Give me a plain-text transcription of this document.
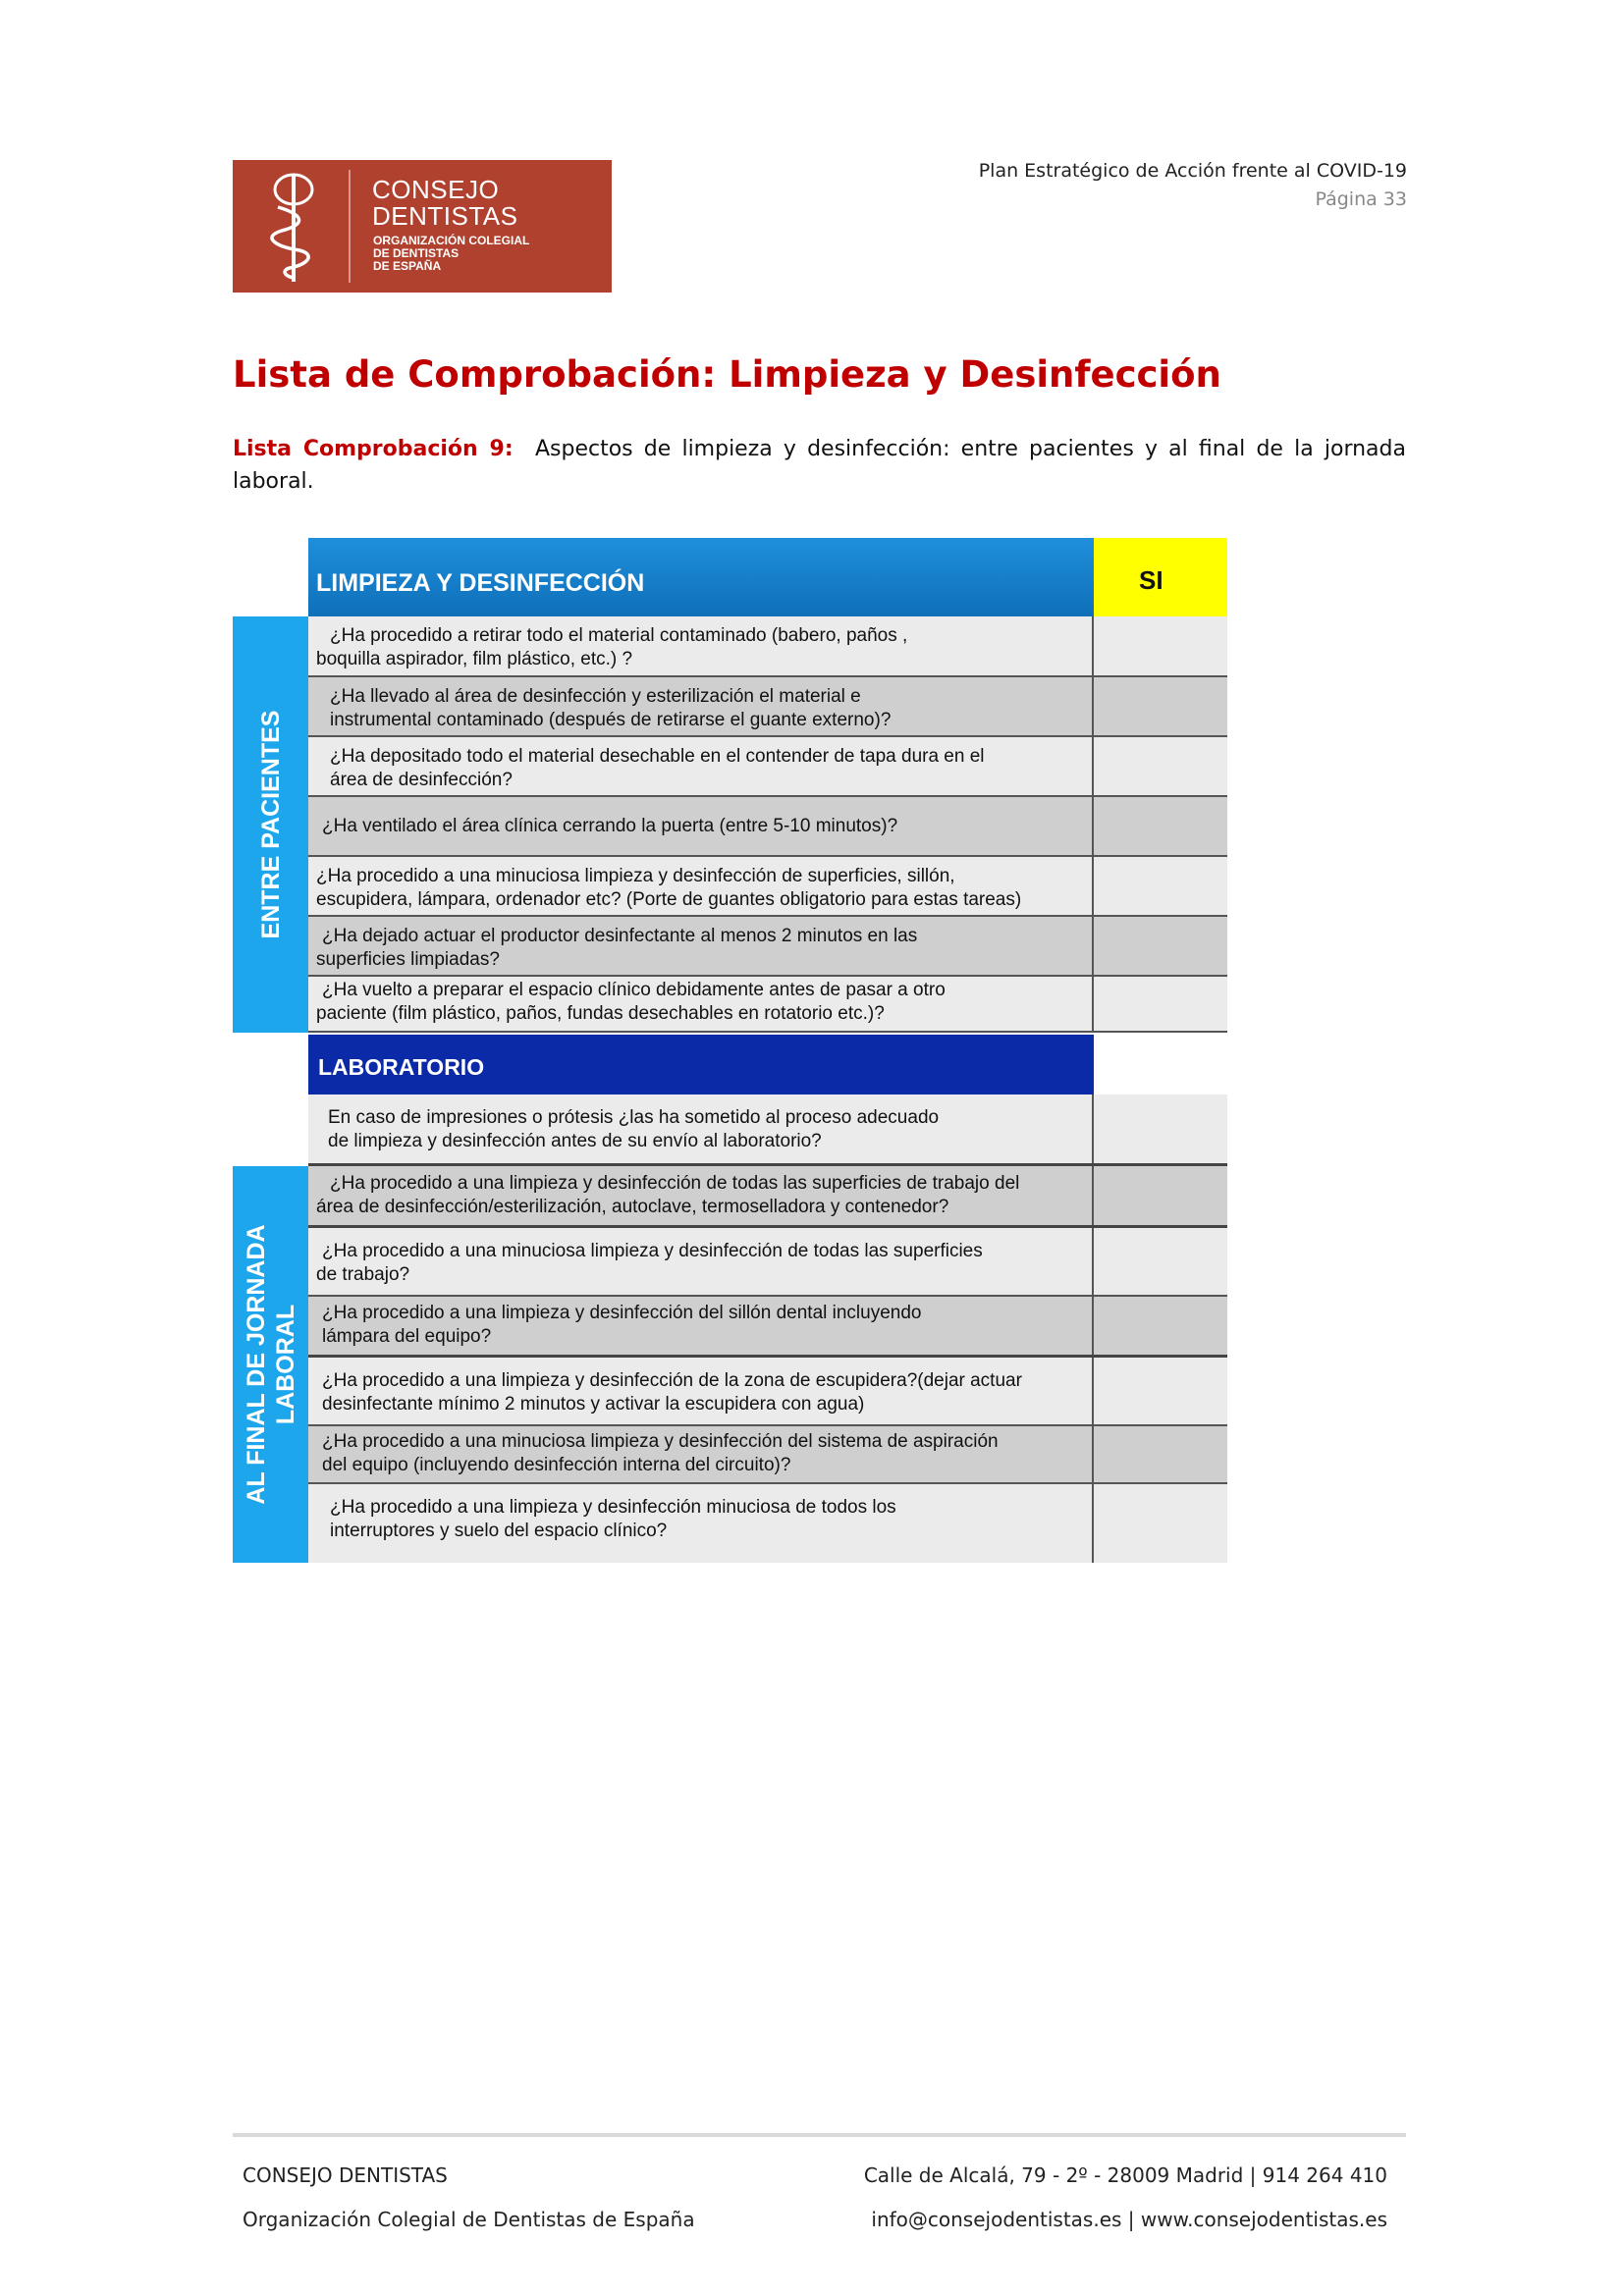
CONSEJO
DENTISTAS
ORGANIZACIÓN COLEGIAL
DE DENTISTAS
DE ESPAÑA
Plan Estratégico de Acción frente al COVID-19
Página 33
Lista de Comprobación: Limpieza y Desinfección
Lista Comprobación 9: Aspectos de limpieza y desinfección: entre pacientes y al final de la jornada laboral.
LIMPIEZA Y DESINFECCIÓN	SI
ENTRE PACIENTES
¿Ha procedido a retirar todo el material contaminado (babero, paños ,
boquilla aspirador, film plástico, etc.) ?
¿Ha llevado al área de desinfección y esterilización el material e
instrumental contaminado (después de retirarse el guante externo)?
¿Ha depositado todo el material desechable en el contender de tapa dura en el
área de desinfección?
¿Ha ventilado el área clínica cerrando la puerta (entre 5-10 minutos)?
¿Ha procedido a una minuciosa limpieza y desinfección de superficies, sillón,
escupidera, lámpara, ordenador etc? (Porte de guantes obligatorio para estas tareas)
¿Ha dejado actuar el productor desinfectante al menos 2 minutos en las
superficies limpiadas?
¿Ha vuelto a preparar el espacio clínico debidamente antes de pasar a otro
paciente (film plástico, paños, fundas desechables en rotatorio etc.)?
LABORATORIO
En caso de impresiones o prótesis ¿las ha sometido al proceso adecuado
de limpieza y desinfección antes de su envío al laboratorio?
AL FINAL DE JORNADA LABORAL
¿Ha procedido a una limpieza y desinfección de todas las superficies de trabajo del
área de desinfección/esterilización, autoclave, termoselladora y contenedor?
¿Ha procedido a una minuciosa limpieza y desinfección de todas las superficies
de trabajo?
¿Ha procedido a una limpieza y desinfección del sillón dental incluyendo
lámpara del equipo?
¿Ha procedido a una limpieza y desinfección de la zona de escupidera?(dejar actuar
desinfectante mínimo 2 minutos y activar la escupidera con agua)
¿Ha procedido a una minuciosa limpieza y desinfección del sistema de aspiración
del equipo (incluyendo desinfección interna del circuito)?
¿Ha procedido a una limpieza y desinfección minuciosa de todos los
interruptores y suelo del espacio clínico?
CONSEJO DENTISTAS
Organización Colegial de Dentistas de España
Calle de Alcalá, 79 - 2º - 28009 Madrid | 914 264 410
info@consejodentistas.es | www.consejodentistas.es
